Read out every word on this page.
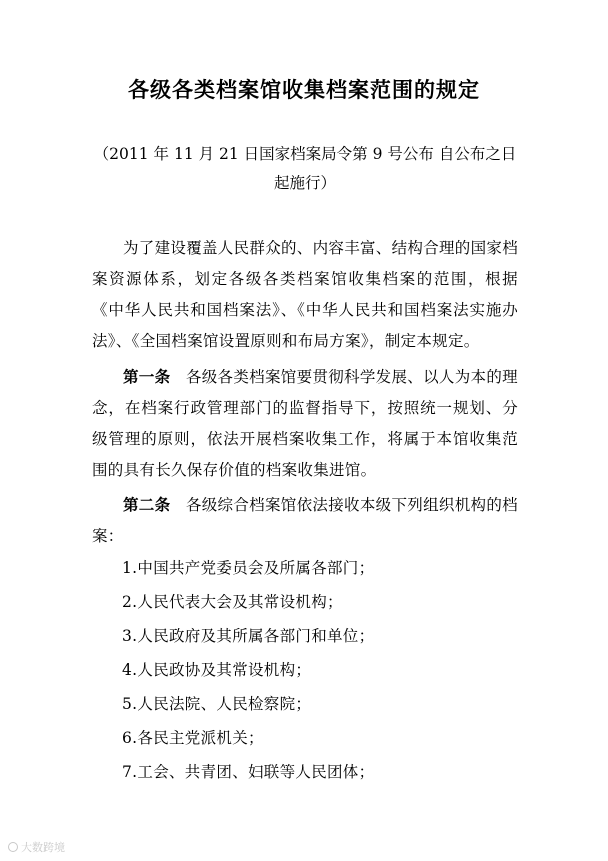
各级各类档案馆收集档案范围的规定

（2011 年 11 月 21 日国家档案局令第 9 号公布 自公布之日起施行）

为了建设覆盖人民群众的、内容丰富、结构合理的国家档案资源体系，划定各级各类档案馆收集档案的范围，根据《中华人民共和国档案法》、《中华人民共和国档案法实施办法》、《全国档案馆设置原则和布局方案》，制定本规定。

第一条 各级各类档案馆要贯彻科学发展、以人为本的理念，在档案行政管理部门的监督指导下，按照统一规划、分级管理的原则，依法开展档案收集工作，将属于本馆收集范围的具有长久保存价值的档案收集进馆。

第二条 各级综合档案馆依法接收本级下列组织机构的档案：

1.中国共产党委员会及所属各部门；
2.人民代表大会及其常设机构；
3.人民政府及其所属各部门和单位；
4.人民政协及其常设机构；
5.人民法院、人民检察院；
6.各民主党派机关；
7.工会、共青团、妇联等人民团体；
大数跨境
